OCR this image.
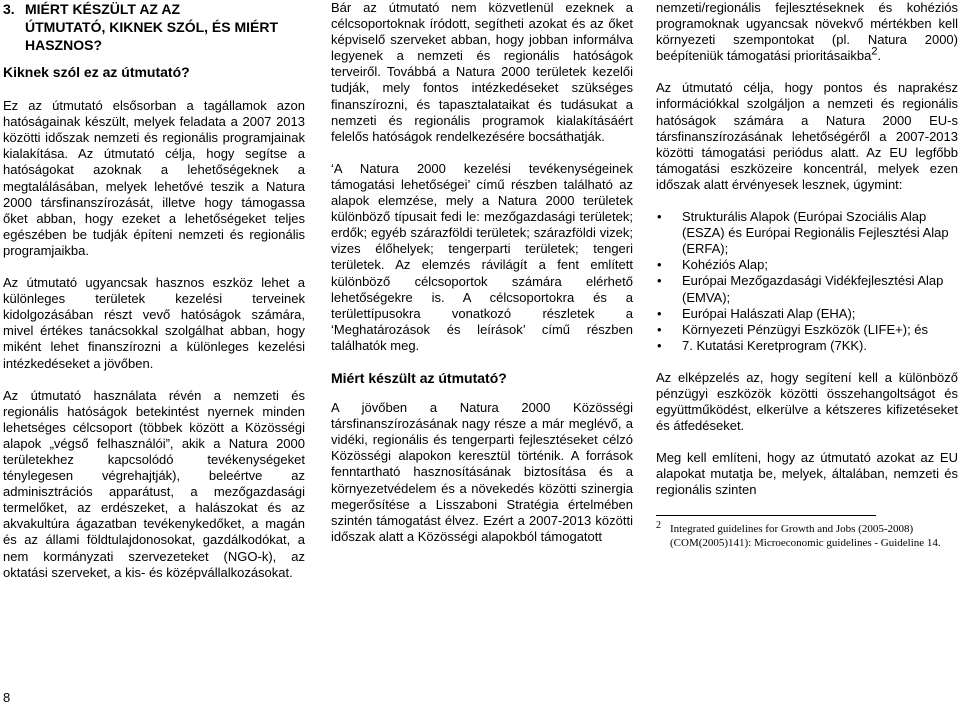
3. MIÉRT KÉSZÜLT AZ AZ
ÚTMUTATÓ, KIKNEK SZÓL, ÉS MIÉRT HASZNOS?
Kiknek szól ez az útmutató?

Ez az útmutató elsősorban a tagállamok azon hatóságainak készült, melyek feladata a 2007 2013 közötti időszak nemzeti és regionális programjainak kialakítása. Az útmutató célja, hogy segítse a hatóságokat azoknak a lehetőségeknek a megtalálásában, melyek lehetővé teszik a Natura 2000 társfinanszírozását, illetve hogy támogassa őket abban, hogy ezeket a lehetőségeket teljes egészében be tudják építeni nemzeti és regionális programjaikba.

Az útmutató ugyancsak hasznos eszköz lehet a különleges területek kezelési terveinek kidolgozásában részt vevő hatóságok számára, mivel értékes tanácsokkal szolgálhat abban, hogy miként lehet finanszírozni a különleges kezelési intézkedéseket a jövőben.

Az útmutató használata révén a nemzeti és regionális hatóságok betekintést nyernek minden lehetséges célcsoport (többek között a Közösségi alapok „végső felhasználói”, akik a Natura 2000 területekhez kapcsolódó tevékenységeket ténylegesen végrehajtják), beleértve az adminisztrációs apparátust, a mezőgazdasági termelőket, az erdészeket, a halászokat és az akvakultúra ágazatban tevékenykedőket, a magán és az állami földtulajdonosokat, gazdálkodókat, a nem kormányzati szervezeteket (NGO-k), az oktatási szerveket, a kis- és középvállalkozásokat.

Bár az útmutató nem közvetlenül ezeknek a célcsoportoknak íródott, segítheti azokat és az őket képviselő szerveket abban, hogy jobban informálva legyenek a nemzeti és regionális hatóságok terveiről. Továbbá a Natura 2000 területek kezelői tudják, mely fontos intézkedéseket szükséges finanszírozni, és tapasztalataikat és tudásukat a nemzeti és regionális programok kialakításáért felelős hatóságok rendelkezésére bocsáthatják.

‘A Natura 2000 kezelési tevékenységeinek támogatási lehetőségei’ című részben található az alapok elemzése, mely a Natura 2000 területek különböző típusait fedi le: mezőgazdasági területek; erdők; egyéb szárazföldi területek; szárazföldi vizek; vizes élőhelyek; tengerparti területek; tengeri területek. Az elemzés rávilágít a fent említett különböző célcsoportok számára elérhető lehetőségekre is. A célcsoportokra és a területtípusokra vonatkozó részletek a ‘Meghatározások és leírások’ című részben találhatók meg.

Miért készült az útmutató?

A jövőben a Natura 2000 Közösségi társfinanszírozásának nagy része a már meglévő, a vidéki, regionális és tengerparti fejlesztéseket célzó Közösségi alapokon keresztül történik. A források fenntartható hasznosításának biztosítása és a környezetvédelem és a növekedés közötti szinergia megerősítése a Lisszaboni Stratégia értelmében szintén támogatást élvez. Ezért a 2007-2013 közötti időszak alatt a Közösségi alapokból támogatott

nemzeti/regionális fejlesztéseknek és kohéziós programoknak ugyancsak növekvő mértékben kell környezeti szempontokat (pl. Natura 2000) beépíteniük támogatási prioritásaikba$^2$.

Az útmutató célja, hogy pontos és naprakész információkkal szolgáljon a nemzeti és regionális hatóságok számára a Natura 2000 EU-s társfinanszírozásának lehetőségéről a 2007-2013 közötti támogatási periódus alatt. Az EU legfőbb támogatási eszközeire koncentrál, melyek ezen időszak alatt érvényesek lesznek, úgymint:

• Strukturális Alapok (Európai Szociális Alap (ESZA) és Európai Regionális Fejlesztési Alap (ERFA);
• Kohéziós Alap;
• Európai Mezőgazdasági Vidékfejlesztési Alap (EMVA);
• Európai Halászati Alap (EHA);
• Környezeti Pénzügyi Eszközök (LIFE+); és
• 7. Kutatási Keretprogram (7KK).

Az elképzelés az, hogy segítení kell a különböző pénzügyi eszközök közötti összehangoltságot és együttműködést, elkerülve a kétszeres kifizetéseket és átfedéseket.

Meg kell említeni, hogy az útmutató azokat az EU alapokat mutatja be, melyek, általában, nemzeti és regionális szinten

2 Integrated guidelines for Growth and Jobs (2005-2008) (COM(2005)141): Microeconomic guidelines - Guideline 14.
8
